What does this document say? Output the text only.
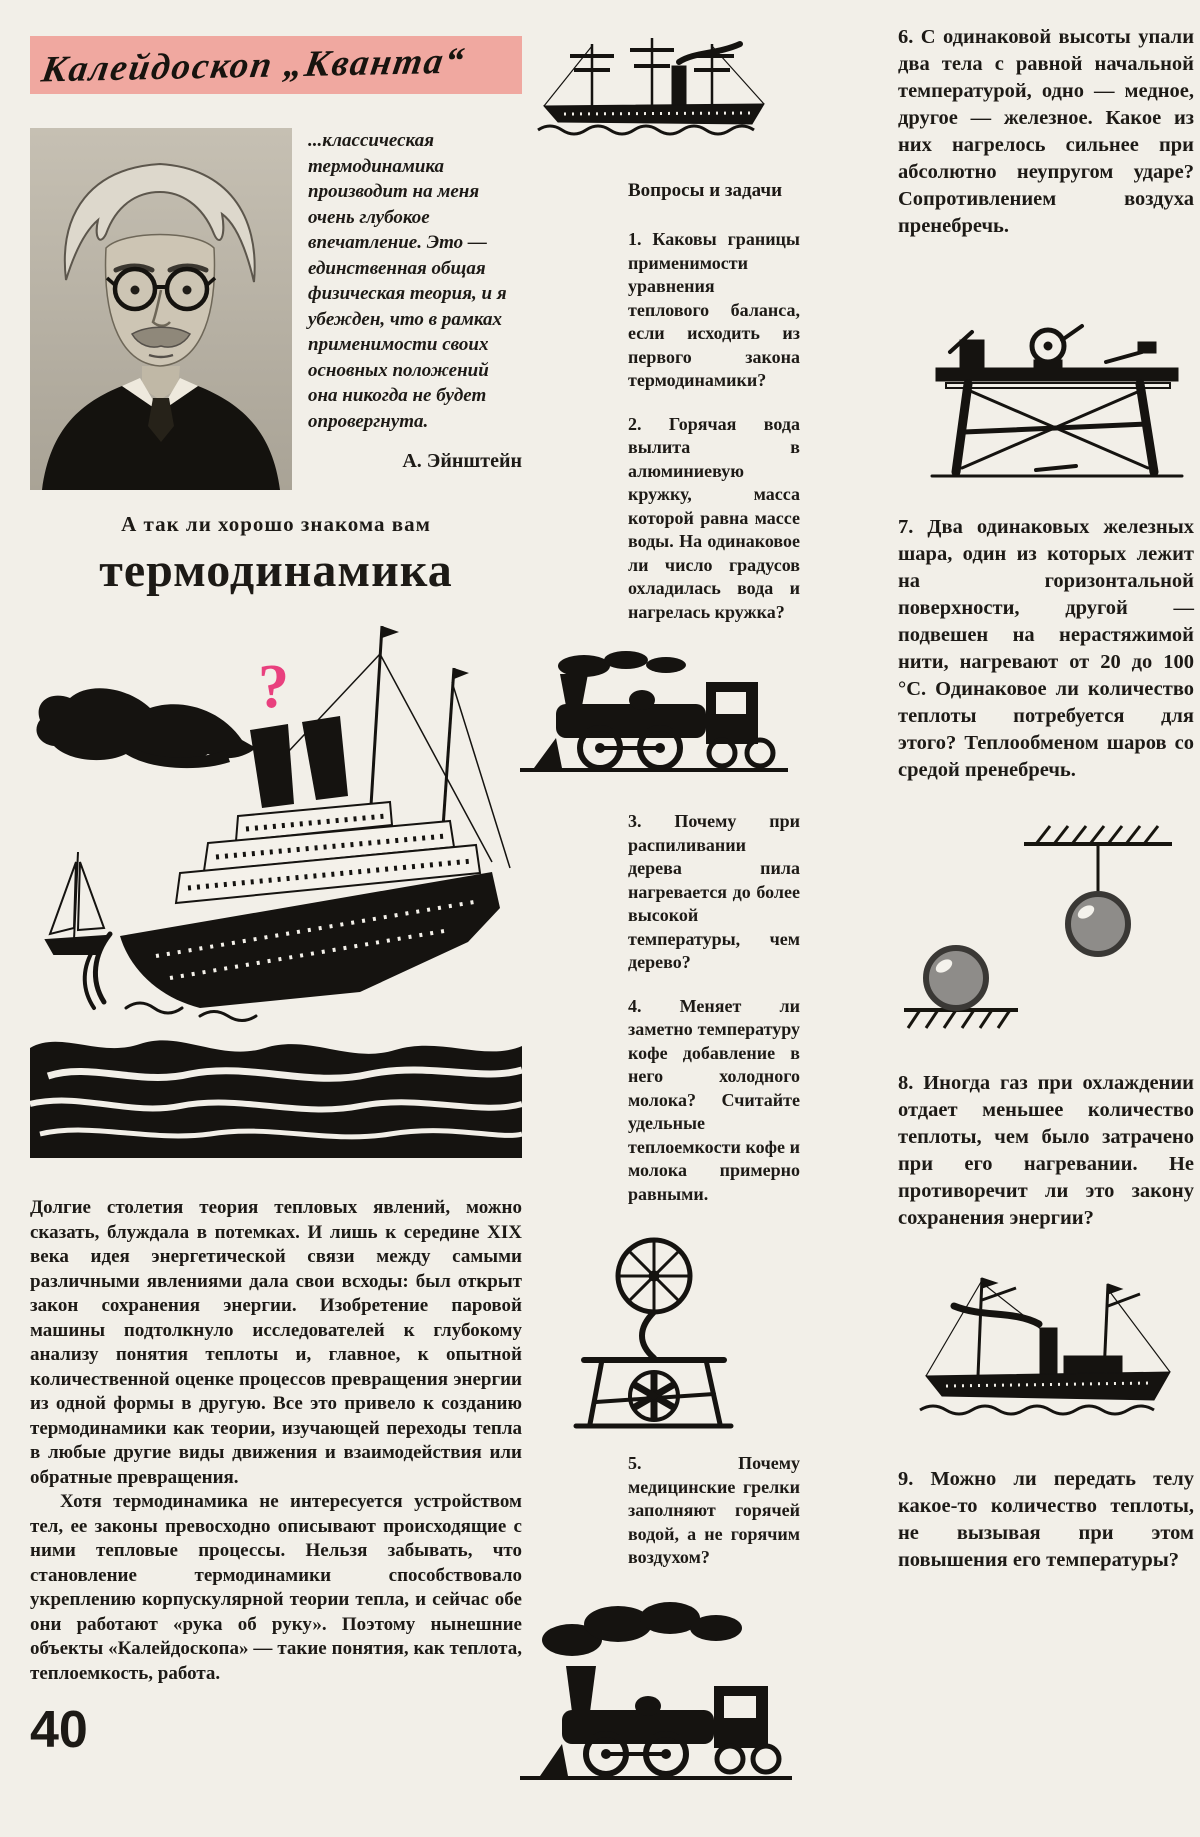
Калейдоскоп „Кванта“

...классическая термодинамика производит на меня очень глубокое впечатление. Это — единственная общая физическая теория, и я убежден, что в рамках применимости своих основных положений она никогда не будет опровергнута.

А. Эйнштейн
А так ли хорошо знакома вам
термодинамика
?

Долгие столетия теория тепловых явлений, можно сказать, блуждала в потемках. И лишь к середине XIX века идея энергетической связи между самыми различными явлениями дала свои всходы: был открыт закон сохранения энергии. Изобретение паровой машины подтолкнуло исследователей к глубокому анализу понятия теплоты и, главное, к опытной количественной оценке процессов превращения энергии из одной формы в другую. Все это привело к созданию термодинамики как теории, изучающей переходы тепла в любые другие виды движения и взаимодействия или обратные превращения.

Хотя термодинамика не интересуется устройством тел, ее законы превосходно описывают происходящие с ними тепловые процессы. Нельзя забывать, что становление термодинамики способствовало укреплению корпускулярной теории тепла, и сейчас обе они работают «рука об руку». Поэтому нынешние объекты «Калейдоскопа» — такие понятия, как теплота, теплоемкость, работа.

40
Вопросы и задачи

1. Каковы границы применимости уравнения теплового баланса, если исходить из первого закона термодинамики?

2. Горячая вода вылита в алюминиевую кружку, масса которой равна массе воды. На одинаковое ли число градусов охладилась вода и нагрелась кружка?

3. Почему при распиливании дерева пила нагревается до более высокой температуры, чем дерево?

4. Меняет ли заметно температуру кофе добавление в него холодного молока? Считайте удельные теплоемкости кофе и молока примерно равными.

5. Почему медицинские грелки заполняют горячей водой, а не горячим воздухом?

6. С одинаковой высоты упали два тела с равной начальной температурой, одно — медное, другое — железное. Какое из них нагрелось сильнее при абсолютно неупругом ударе? Сопротивлением воздуха пренебречь.

7. Два одинаковых железных шара, один из которых лежит на горизонтальной поверхности, другой — подвешен на нерастяжимой нити, нагревают от 20 до 100 °C. Одинаковое ли количество теплоты потребуется для этого? Теплообменом шаров со средой пренебречь.

8. Иногда газ при охлаждении отдает меньшее количество теплоты, чем было затрачено при его нагревании. Не противоречит ли это закону сохранения энергии?

9. Можно ли передать телу какое-то количество теплоты, не вызывая при этом повышения его температуры?
